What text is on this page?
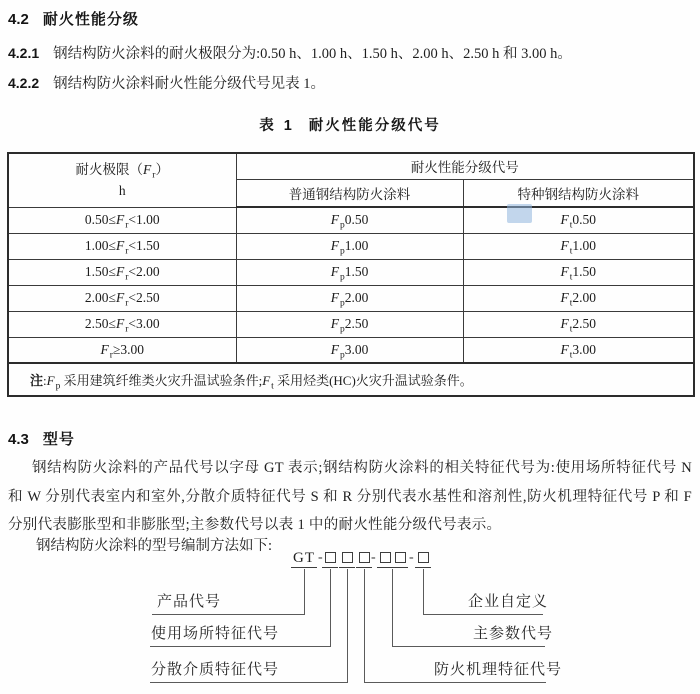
4.2 耐火性能分级
4.2.1 钢结构防火涂料的耐火极限分为:0.50 h、1.00 h、1.50 h、2.00 h、2.50 h 和 3.00 h。
4.2.2 钢结构防火涂料耐火性能分级代号见表 1。
表 1 耐火性能分级代号
耐火极限$(F_r)$
h	耐火性能分级代号	
	普通钢结构防火涂料	特种钢结构防火涂料
$0.50\le F_r<1.00$	$F_p0.50$	$F_t0.50$
$1.00\le F_r<1.50$	$F_p1.00$	$F_t1.00$
$1.50\le F_r<2.00$	$F_p1.50$	$F_t1.50$
$2.00\le F_r<2.50$	$F_p2.00$	$F_t2.00$
$2.50\le F_r<3.00$	$F_p2.50$	$F_t2.50$
$F_r\ge 3.00$	$F_p3.00$	$F_t3.00$
注$:F_p$ 采用建筑纤维类火灾升温试验条件$;F_t$ 采用烃类(HC)火灾升温试验条件。		
4.3 型号
钢结构防火涂料的产品代号以字母 GT 表示;钢结构防火涂料的相关特征代号为:使用场所特征代号 N 和 W 分别代表室内和室外,分散介质特征代号 S 和 R 分别代表水基性和溶剂性,防火机理特征代号 P 和 F 分别代表膨胀型和非膨胀型;主参数代号以表 1 中的耐火性能分级代号表示。
钢结构防火涂料的型号编制方法如下:
GT -	- -
产品代号
使用场所特征代号
分散介质特征代号
企业自定义
主参数代号
防火机理特征代号
